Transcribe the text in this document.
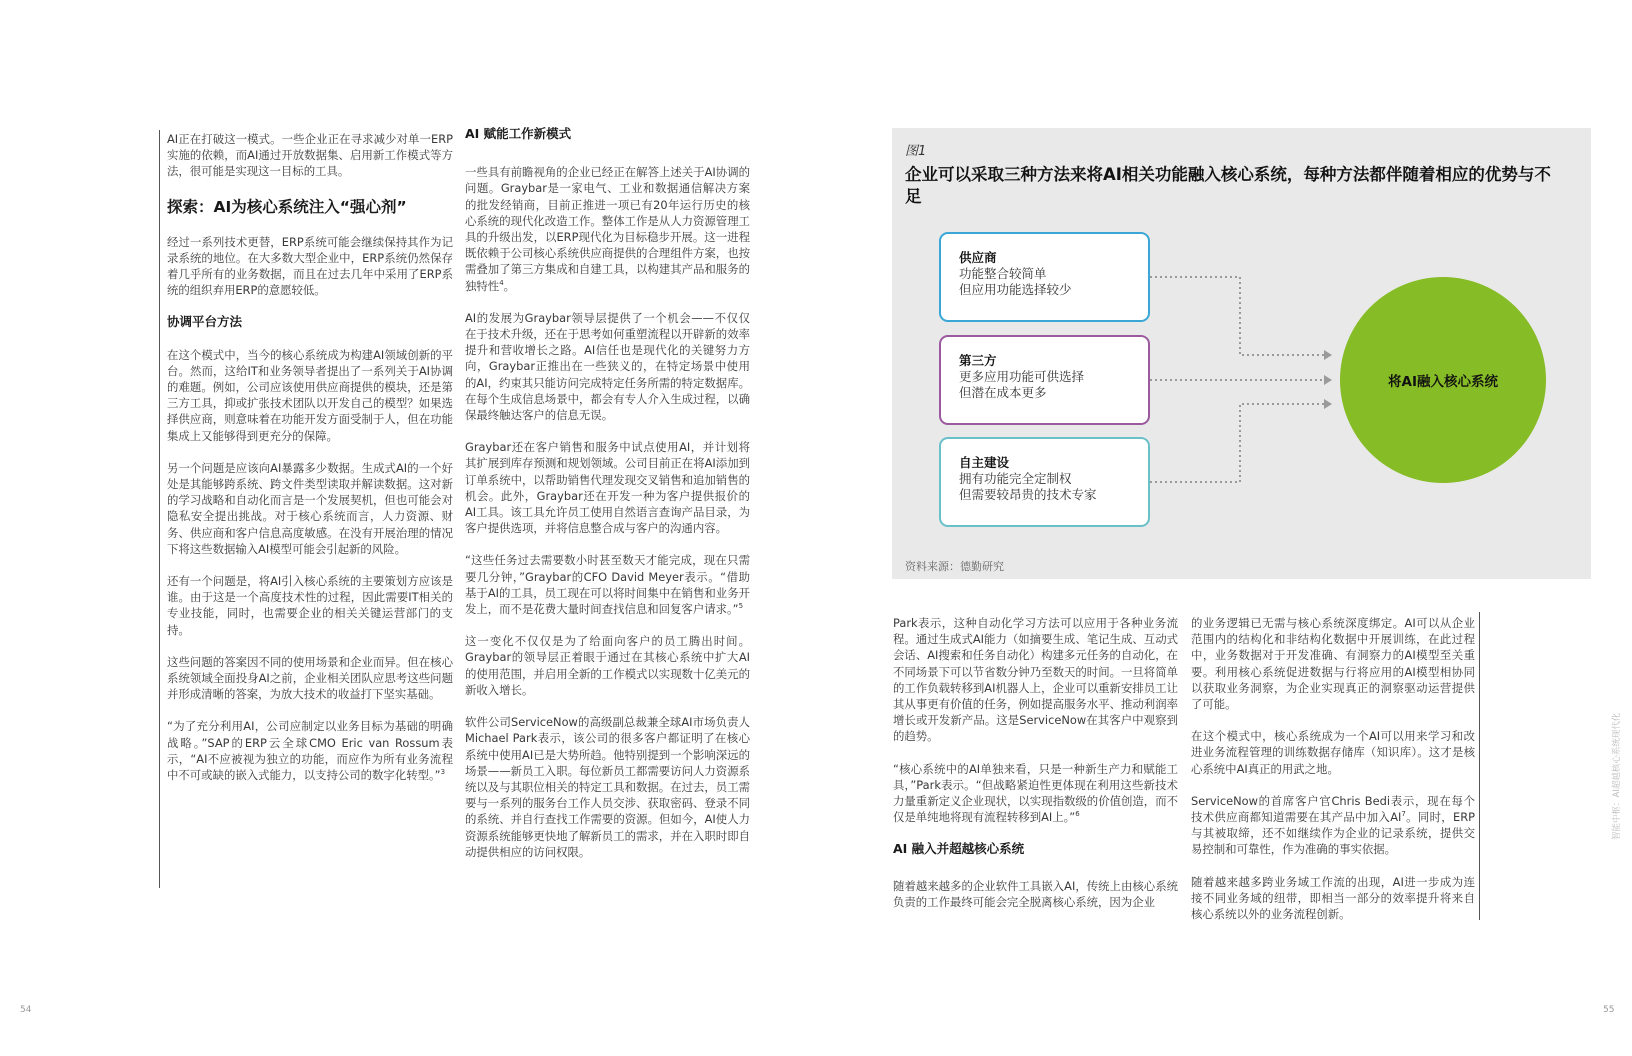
AI正在打破这一模式。一些企业正在寻求减少对单一ERP实施的依赖，而AI通过开放数据集、启用新工作模式等方法，很可能是实现这一目标的工具。

探索：AI为核心系统注入“强心剂”

经过一系列技术更替，ERP系统可能会继续保持其作为记录系统的地位。在大多数大型企业中，ERP系统仍然保存着几乎所有的业务数据，而且在过去几年中采用了ERP系统的组织弃用ERP的意愿较低。

协调平台方法

在这个模式中，当今的核心系统成为构建AI领域创新的平台。然而，这给IT和业务领导者提出了一系列关于AI协调的难题。例如，公司应该使用供应商提供的模块，还是第三方工具，抑或扩张技术团队以开发自己的模型？如果选择供应商，则意味着在功能开发方面受制于人，但在功能集成上又能够得到更充分的保障。

另一个问题是应该向AI暴露多少数据。生成式AI的一个好处是其能够跨系统、跨文件类型读取并解读数据。这对新的学习战略和自动化而言是一个发展契机，但也可能会对隐私安全提出挑战。对于核心系统而言，人力资源、财务、供应商和客户信息高度敏感。在没有开展治理的情况下将这些数据输入AI模型可能会引起新的风险。

还有一个问题是，将AI引入核心系统的主要策划方应该是谁。由于这是一个高度技术性的过程，因此需要IT相关的专业技能，同时，也需要企业的相关关键运营部门的支持。

这些问题的答案因不同的使用场景和企业而异。但在核心系统领域全面投身AI之前，企业相关团队应思考这些问题并形成清晰的答案，为放大技术的收益打下坚实基础。

“为了充分利用AI，公司应制定以业务目标为基础的明确战略。”SAP的ERP云全球CMO Eric van Rossum表示，“AI不应被视为独立的功能，而应作为所有业务流程中不可或缺的嵌入式能力，以支持公司的数字化转型。”$^3$

AI 赋能工作新模式

一些具有前瞻视角的企业已经正在解答上述关于AI协调的问题。Graybar是一家电气、工业和数据通信解决方案的批发经销商，目前正推进一项已有20年运行历史的核心系统的现代化改造工作。整体工作是从人力资源管理工具的升级出发，以ERP现代化为目标稳步开展。这一进程既依赖于公司核心系统供应商提供的合理组件方案，也按需叠加了第三方集成和自建工具，以构建其产品和服务的独特性$^4$。

AI的发展为Graybar领导层提供了一个机会——不仅仅在于技术升级，还在于思考如何重塑流程以开辟新的效率提升和营收增长之路。AI信任也是现代化的关键努力方向，Graybar正推出在一些狭义的，在特定场景中使用的AI，约束其只能访问完成特定任务所需的特定数据库。在每个生成信息场景中，都会有专人介入生成过程，以确保最终触达客户的信息无误。

Graybar还在客户销售和服务中试点使用AI，并计划将其扩展到库存预测和规划领域。公司目前正在将AI添加到订单系统中，以帮助销售代理发现交叉销售和追加销售的机会。此外，Graybar还在开发一种为客户提供报价的AI工具。该工具允许员工使用自然语言查询产品目录，为客户提供选项，并将信息整合成与客户的沟通内容。

“这些任务过去需要数小时甚至数天才能完成，现在只需要几分钟，”Graybar的CFO David Meyer表示。“借助基于AI的工具，员工现在可以将时间集中在销售和业务开发上，而不是花费大量时间查找信息和回复客户请求。”$^5$

这一变化不仅仅是为了给面向客户的员工腾出时间。Graybar的领导层正着眼于通过在其核心系统中扩大AI的使用范围，并启用全新的工作模式以实现数十亿美元的新收入增长。

软件公司ServiceNow的高级副总裁兼全球AI市场负责人Michael Park表示，该公司的很多客户都证明了在核心系统中使用AI已是大势所趋。他特别提到一个影响深远的场景——新员工入职。每位新员工都需要访问人力资源系统以及与其职位相关的特定工具和数据。在过去，员工需要与一系列的服务台工作人员交涉、获取密码、登录不同的系统、并自行查找工作需要的资源。但如今，AI使人力资源系统能够更快地了解新员工的需求，并在入职时即自动提供相应的访问权限。

图1
企业可以采取三种方法来将AI相关功能融入核心系统，每种方法都伴随着相应的优势与不足
供应商
功能整合较简单
但应用功能选择较少
第三方
更多应用功能可供选择
但潜在成本更多
自主建设
拥有功能完全定制权
但需要较昂贵的技术专家
将AI融入核心系统
资料来源：德勤研究

Park表示，这种自动化学习方法可以应用于各种业务流程。通过生成式AI能力（如摘要生成、笔记生成、互动式会话、AI搜索和任务自动化）构建多元任务的自动化，在不同场景下可以节省数分钟乃至数天的时间。一旦将简单的工作负载转移到AI机器人上，企业可以重新安排员工让其从事更有价值的任务，例如提高服务水平、推动利润率增长或开发新产品。这是ServiceNow在其客户中观察到的趋势。

“核心系统中的AI单独来看，只是一种新生产力和赋能工具，”Park表示。“但战略紧迫性更体现在利用这些新技术力量重新定义企业现状，以实现指数级的价值创造，而不仅是单纯地将现有流程转移到AI上。”$^6$

AI 融入并超越核心系统

随着越来越多的企业软件工具嵌入AI，传统上由核心系统负责的工作最终可能会完全脱离核心系统，因为企业

的业务逻辑已无需与核心系统深度绑定。AI可以从企业范围内的结构化和非结构化数据中开展训练，在此过程中，业务数据对于开发准确、有洞察力的AI模型至关重要。利用核心系统促进数据与行将应用的AI模型相协同以获取业务洞察，为企业实现真正的洞察驱动运营提供了可能。

在这个模式中，核心系统成为一个AI可以用来学习和改进业务流程管理的训练数据存储库（知识库）。这才是核心系统中AI真正的用武之地。

ServiceNow的首席客户官Chris Bedi表示，现在每个技术供应商都知道需要在其产品中加入$AI^7$。同时，ERP与其被取缔，还不如继续作为企业的记录系统，提供交易控制和可靠性，作为准确的事实依据。

随着越来越多跨业务域工作流的出现，AI进一步成为连接不同业务域的纽带，即相当一部分的效率提升将来自核心系统以外的业务流程创新。

54	55
智能中枢：AI超越核心系统现代化
